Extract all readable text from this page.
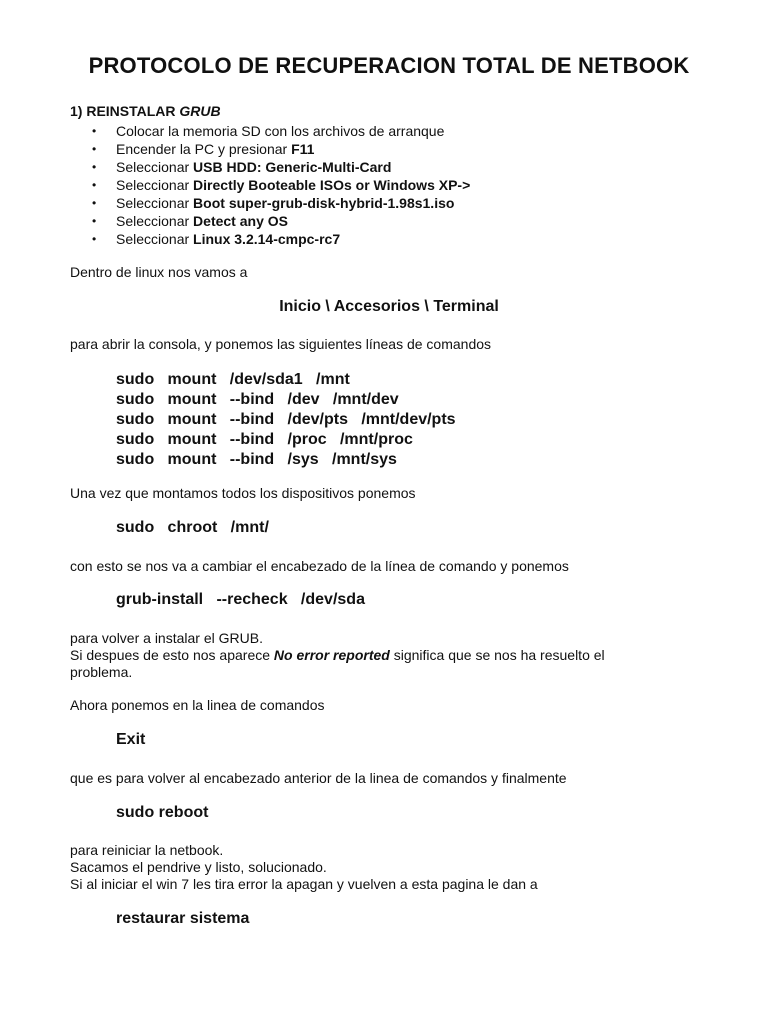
PROTOCOLO DE RECUPERACION TOTAL DE NETBOOK
1) REINSTALAR GRUB
• Colocar la memoria SD con los archivos de arranque
• Encender la PC y presionar F11
• Seleccionar USB HDD: Generic-Multi-Card
• Seleccionar Directly Booteable ISOs or Windows XP->
• Seleccionar Boot super-grub-disk-hybrid-1.98s1.iso
• Seleccionar Detect any OS
• Seleccionar Linux 3.2.14-cmpc-rc7
Dentro de linux nos vamos a
Inicio \ Accesorios \ Terminal
para abrir la consola, y ponemos las siguientes líneas de comandos
sudo   mount   /dev/sda1   /mnt
sudo   mount   --bind   /dev   /mnt/dev
sudo   mount   --bind   /dev/pts   /mnt/dev/pts
sudo   mount   --bind   /proc   /mnt/proc
sudo   mount   --bind   /sys   /mnt/sys
Una vez que montamos todos los dispositivos ponemos
sudo   chroot   /mnt/
con esto se nos va a cambiar el encabezado de la línea de comando y ponemos
grub-install   --recheck   /dev/sda
para volver a instalar el GRUB.
Si despues de esto nos aparece No error reported significa que se nos ha resuelto el
problema.
Ahora ponemos en la linea de comandos
Exit
que es para volver al encabezado anterior de la linea de comandos y finalmente
sudo reboot
para reiniciar la netbook.
Sacamos el pendrive y listo, solucionado.
Si al iniciar el win 7 les tira error la apagan y vuelven a esta pagina le dan a
restaurar sistema
